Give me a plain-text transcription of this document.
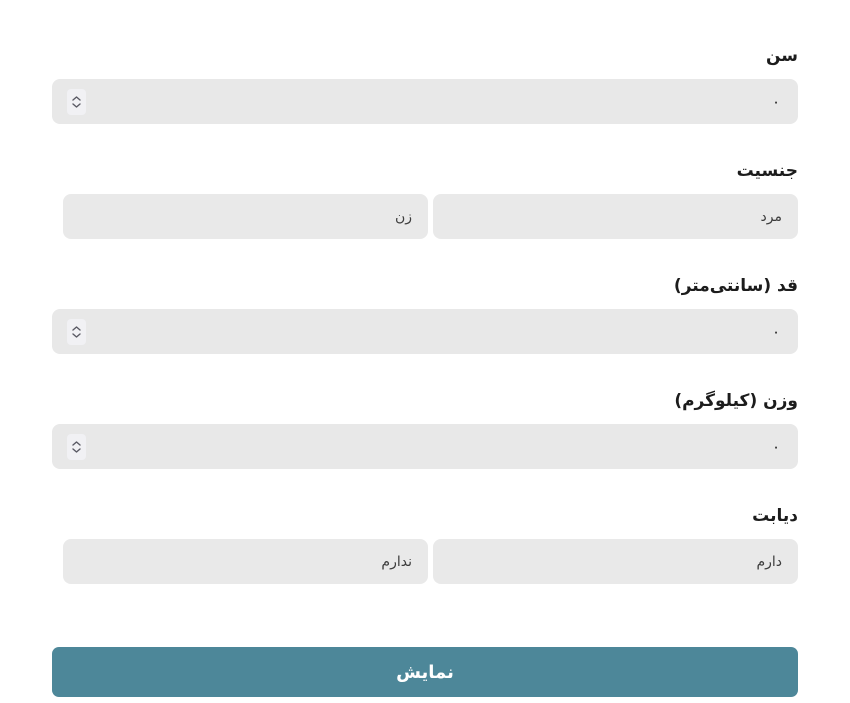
سن
۰
جنسیت
مرد
زن
قد (سانتی‌متر)
۰
وزن (کیلوگرم)
۰
دیابت
دارم
ندارم
نمایش
